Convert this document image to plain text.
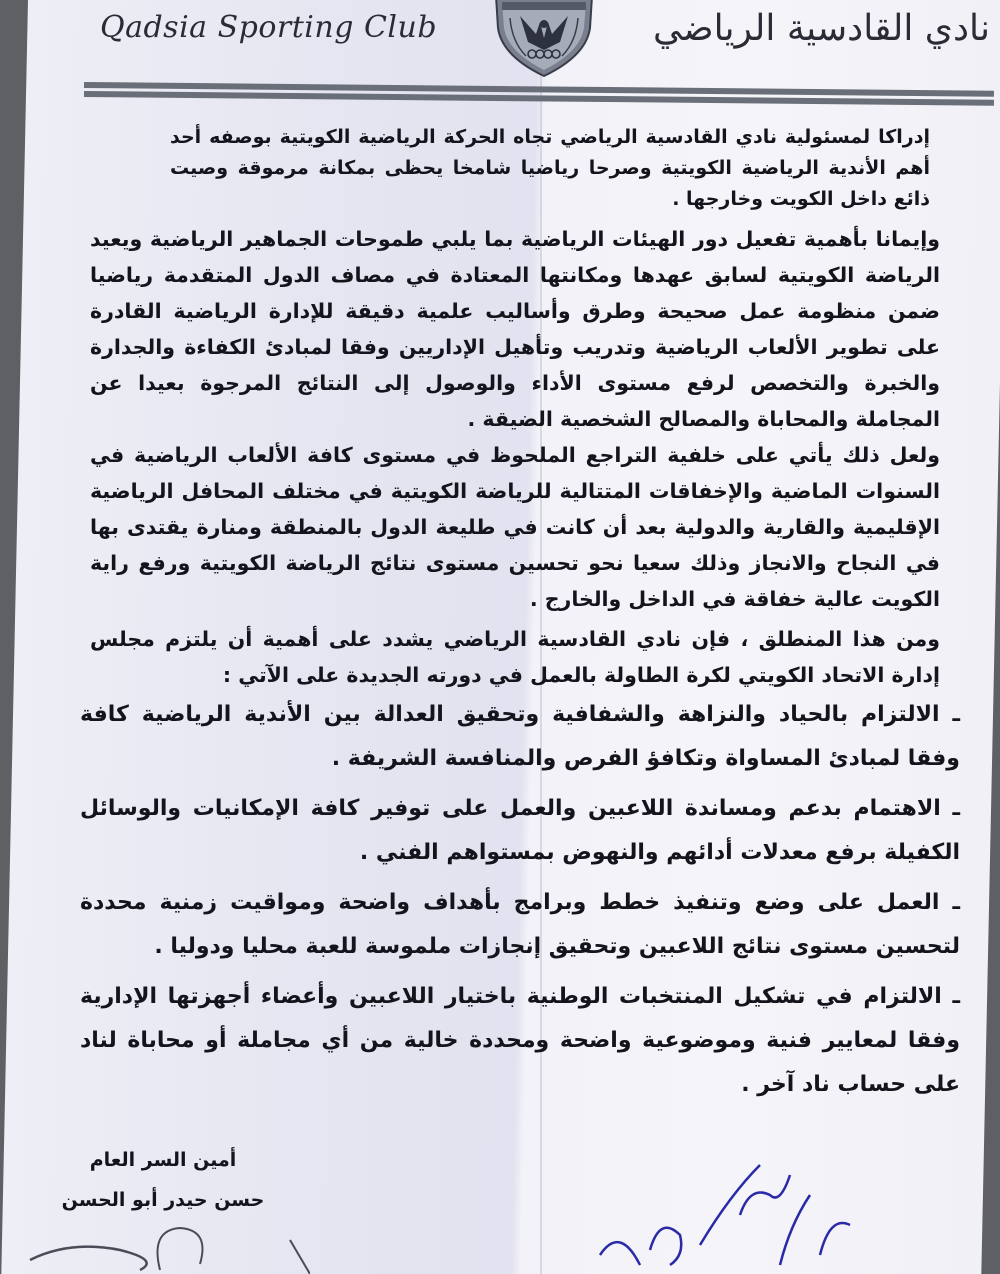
Qadsia Sporting Club	نادي القادسية الرياضي

إدراكا لمسئولية نادي القادسية الرياضي تجاه الحركة الرياضية الكويتية بوصفه أحد أهم الأندية الرياضية الكويتية وصرحا رياضيا شامخا يحظى بمكانة مرموقة وصيت ذائع داخل الكويت وخارجها .

وإيمانا بأهمية تفعيل دور الهيئات الرياضية بما يلبي طموحات الجماهير الرياضية ويعيد الرياضة الكويتية لسابق عهدها ومكانتها المعتادة في مصاف الدول المتقدمة رياضيا ضمن منظومة عمل صحيحة وطرق وأساليب علمية دقيقة للإدارة الرياضية القادرة على تطوير الألعاب الرياضية وتدريب وتأهيل الإداريين وفقا لمبادئ الكفاءة والجدارة والخبرة والتخصص لرفع مستوى الأداء والوصول إلى النتائج المرجوة بعيدا عن المجاملة والمحاباة والمصالح الشخصية الضيقة .

ولعل ذلك يأتي على خلفية التراجع الملحوظ في مستوى كافة الألعاب الرياضية في السنوات الماضية والإخفاقات المتتالية للرياضة الكويتية في مختلف المحافل الرياضية الإقليمية والقارية والدولية بعد أن كانت في طليعة الدول بالمنطقة ومنارة يقتدى بها في النجاح والانجاز وذلك سعيا نحو تحسين مستوى نتائج الرياضة الكويتية ورفع راية الكويت عالية خفاقة في الداخل والخارج .

ومن هذا المنطلق ، فإن نادي القادسية الرياضي يشدد على أهمية أن يلتزم مجلس إدارة الاتحاد الكويتي لكرة الطاولة بالعمل في دورته الجديدة على الآتي :

ـ الالتزام بالحياد والنزاهة والشفافية وتحقيق العدالة بين الأندية الرياضية كافة وفقا لمبادئ المساواة وتكافؤ الفرص والمنافسة الشريفة .

ـ الاهتمام بدعم ومساندة اللاعبين والعمل على توفير كافة الإمكانيات والوسائل الكفيلة برفع معدلات أدائهم والنهوض بمستواهم الفني .

ـ العمل على وضع وتنفيذ خطط وبرامج بأهداف واضحة ومواقيت زمنية محددة لتحسين مستوى نتائج اللاعبين وتحقيق إنجازات ملموسة للعبة محليا ودوليا .

ـ الالتزام في تشكيل المنتخبات الوطنية باختيار اللاعبين وأعضاء أجهزتها الإدارية وفقا لمعايير فنية وموضوعية واضحة ومحددة خالية من أي مجاملة أو محاباة لناد على حساب ناد آخر .

أمين السر العام
حسن حيدر أبو الحسن
